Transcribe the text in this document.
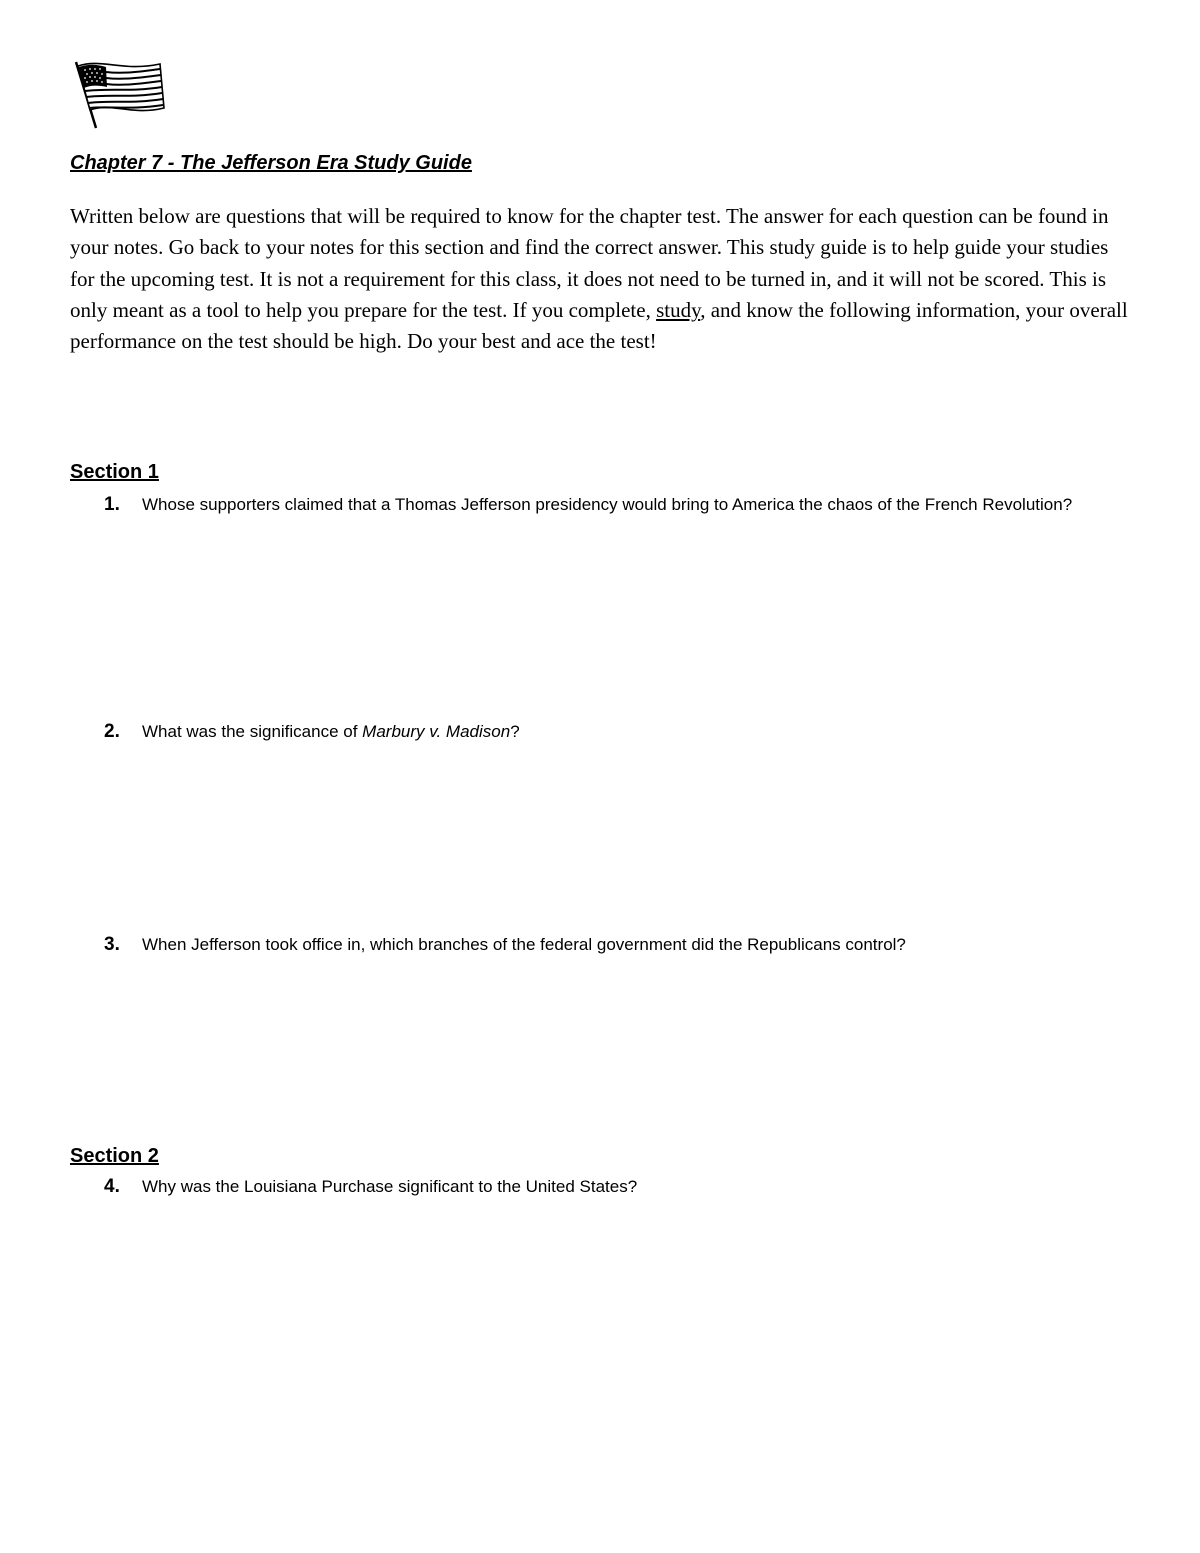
Chapter 7 - The Jefferson Era Study Guide

Written below are questions that will be required to know for the chapter test. The answer for each question can be found in your notes. Go back to your notes for this section and find the correct answer. This study guide is to help guide your studies for the upcoming test. It is not a requirement for this class, it does not need to be turned in, and it will not be scored. This is only meant as a tool to help you prepare for the test. If you complete, study, and know the following information, your overall performance on the test should be high. Do your best and ace the test!

Section 1
1.	Whose supporters claimed that a Thomas Jefferson presidency would bring to America the chaos of the French Revolution?
2.	What was the significance of Marbury v. Madison?
3.	When Jefferson took office in, which branches of the federal government did the Republicans control?
Section 2
4.	Why was the Louisiana Purchase significant to the United States?
